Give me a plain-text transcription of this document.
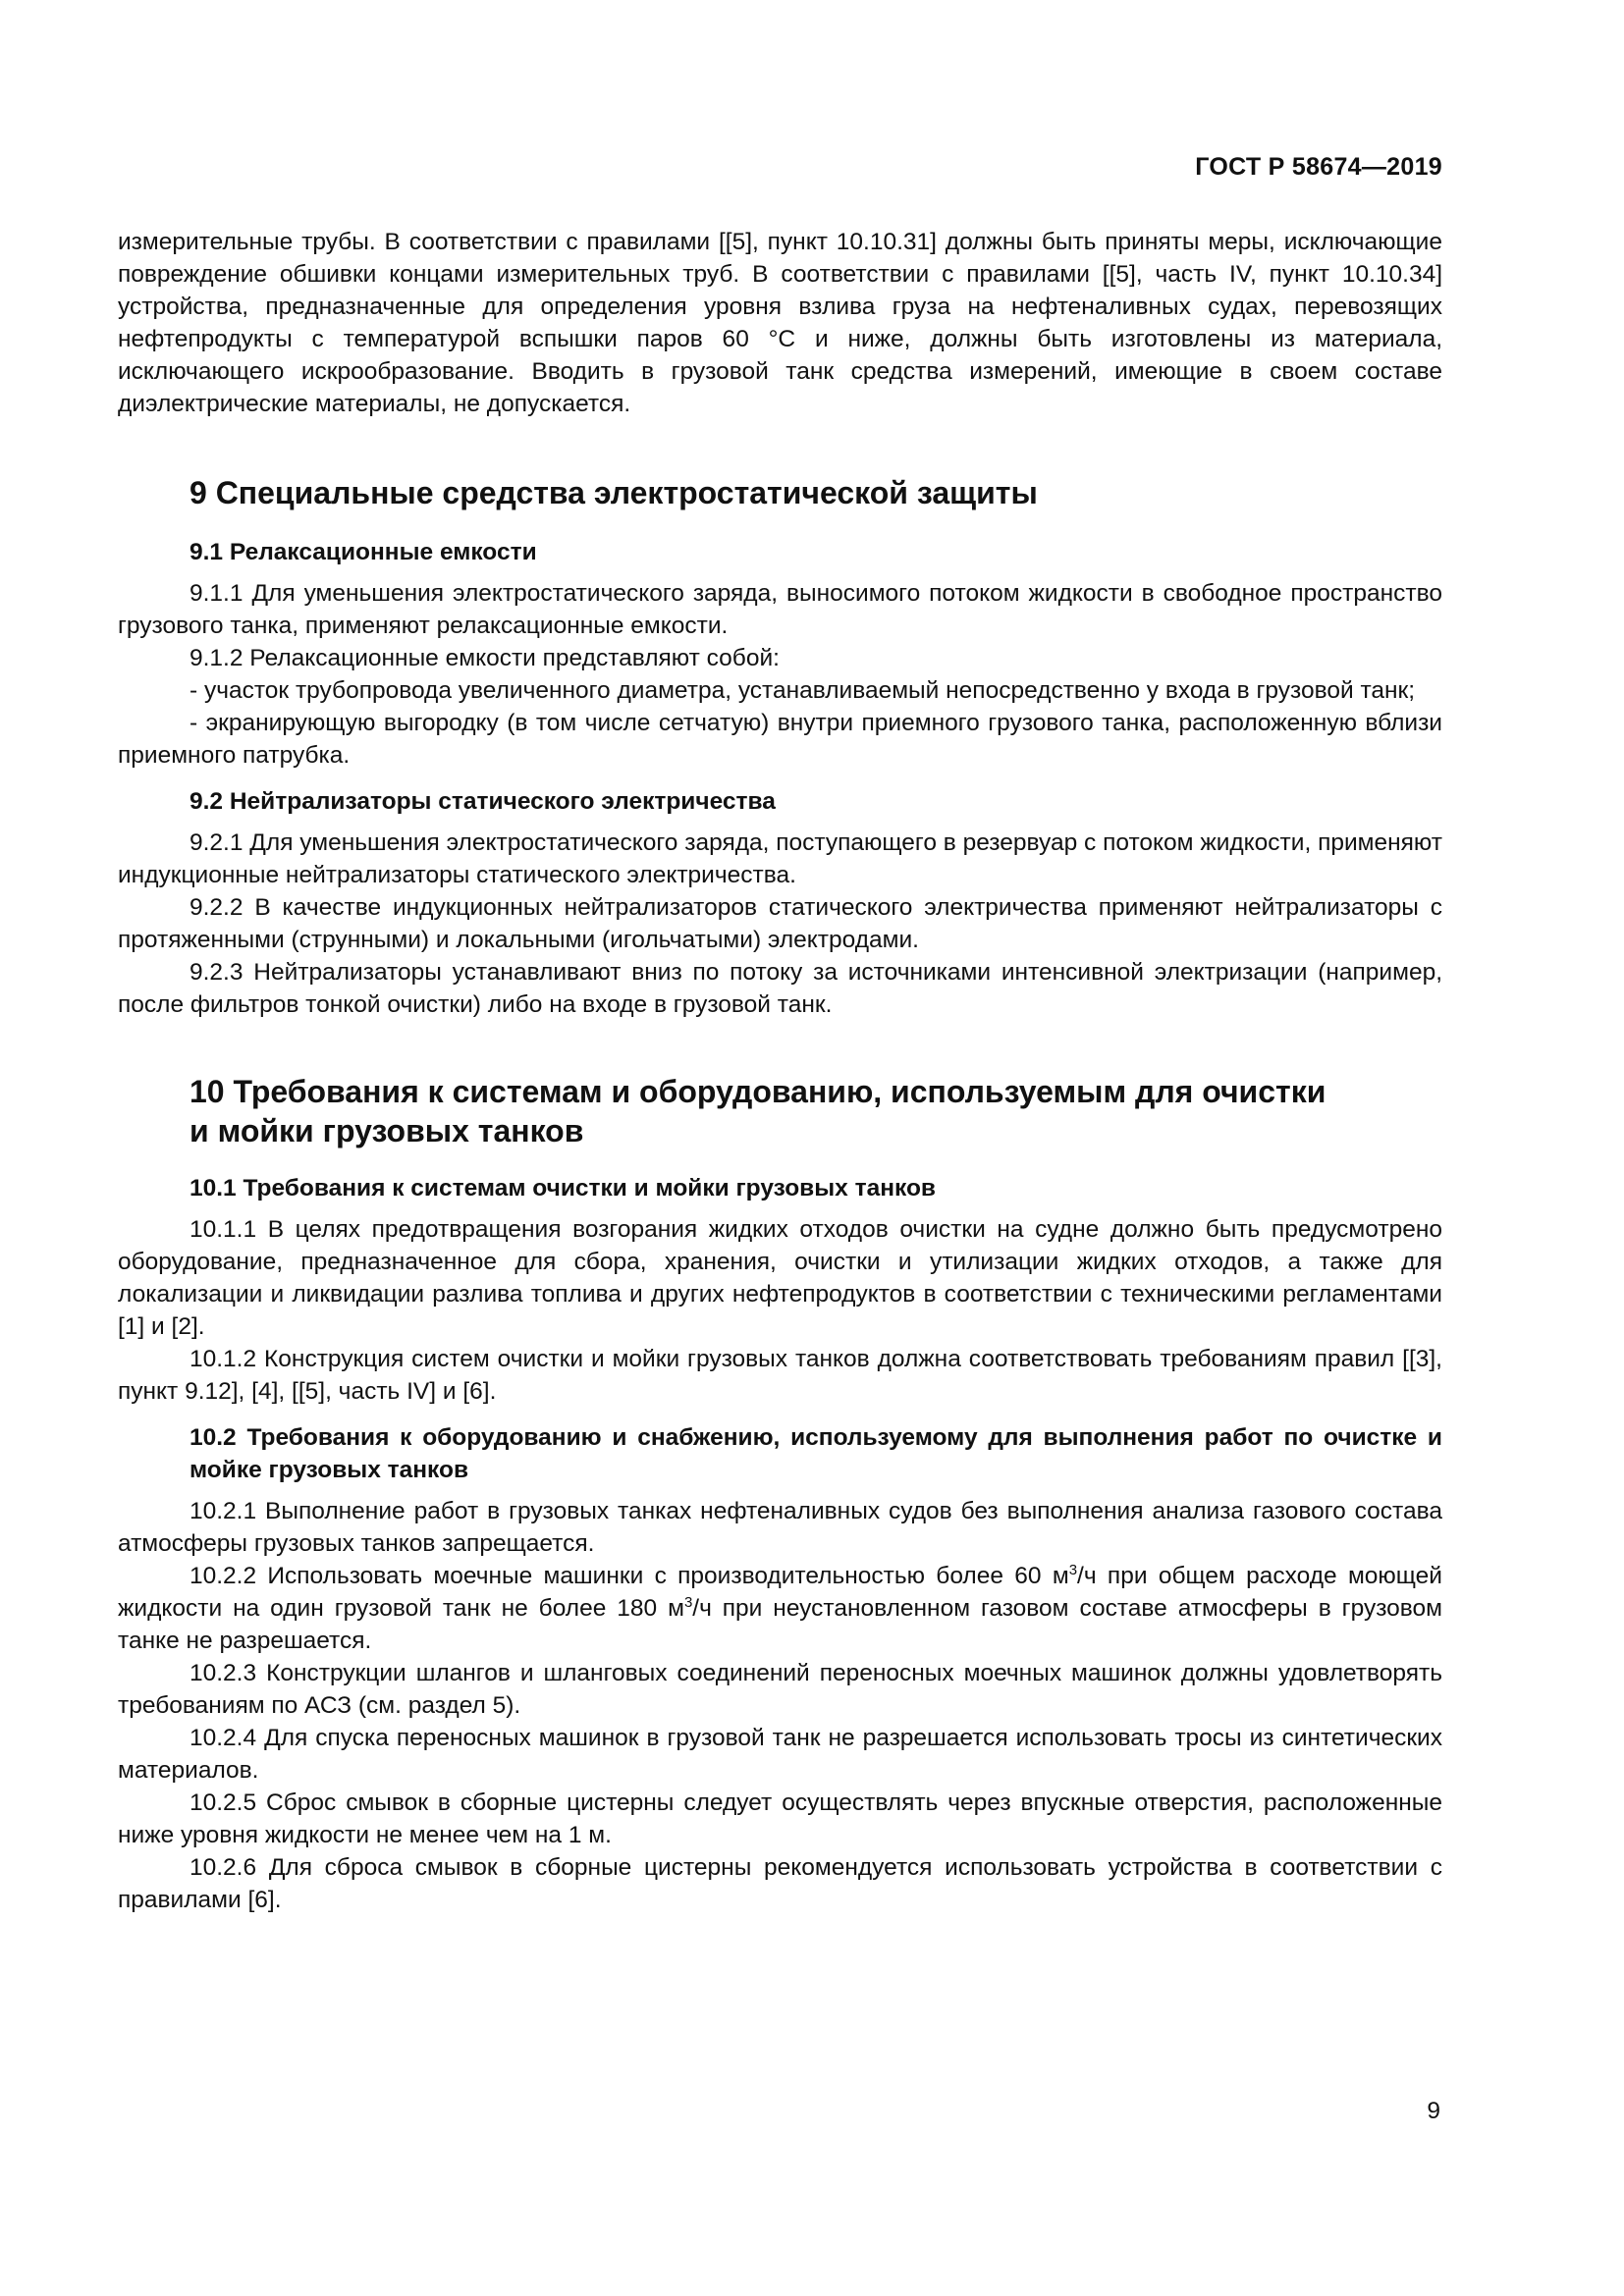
ГОСТ Р 58674—2019

измерительные трубы. В соответствии с правилами [[5], пункт 10.10.31] должны быть приняты меры, исключающие повреждение обшивки концами измерительных труб. В соответствии с правилами [[5], часть IV, пункт 10.10.34] устройства, предназначенные для определения уровня взлива груза на нефтеналивных судах, перевозящих нефтепродукты с температурой вспышки паров 60 °С и ниже, должны быть изготовлены из материала, исключающего искрообразование. Вводить в грузовой танк средства измерений, имеющие в своем составе диэлектрические материалы, не допускается.

9 Специальные средства электростатической защиты

9.1 Релаксационные емкости

9.1.1 Для уменьшения электростатического заряда, выносимого потоком жидкости в свободное пространство грузового танка, применяют релаксационные емкости.

9.1.2 Релаксационные емкости представляют собой:

- участок трубопровода увеличенного диаметра, устанавливаемый непосредственно у входа в грузовой танк;

- экранирующую выгородку (в том числе сетчатую) внутри приемного грузового танка, расположенную вблизи приемного патрубка.

9.2 Нейтрализаторы статического электричества

9.2.1 Для уменьшения электростатического заряда, поступающего в резервуар с потоком жидкости, применяют индукционные нейтрализаторы статического электричества.

9.2.2 В качестве индукционных нейтрализаторов статического электричества применяют нейтрализаторы с протяженными (струнными) и локальными (игольчатыми) электродами.

9.2.3 Нейтрализаторы устанавливают вниз по потоку за источниками интенсивной электризации (например, после фильтров тонкой очистки) либо на входе в грузовой танк.

10 Требования к системам и оборудованию, используемым для очистки

и мойки грузовых танков

10.1 Требования к системам очистки и мойки грузовых танков

10.1.1 В целях предотвращения возгорания жидких отходов очистки на судне должно быть предусмотрено оборудование, предназначенное для сбора, хранения, очистки и утилизации жидких отходов, а также для локализации и ликвидации разлива топлива и других нефтепродуктов в соответствии с техническими регламентами [1] и [2].

10.1.2 Конструкция систем очистки и мойки грузовых танков должна соответствовать требованиям правил [[3], пункт 9.12], [4], [[5], часть IV] и [6].

10.2 Требования к оборудованию и снабжению, используемому для выполнения работ по очистке и мойке грузовых танков

10.2.1 Выполнение работ в грузовых танках нефтеналивных судов без выполнения анализа газового состава атмосферы грузовых танков запрещается.

10.2.2 Использовать моечные машинки с производительностью более 60 $м^3/ч$ при общем расходе моющей жидкости на один грузовой танк не более 180 $м^3/ч$ при неустановленном газовом составе атмосферы в грузовом танке не разрешается.

10.2.3 Конструкции шлангов и шланговых соединений переносных моечных машинок должны удовлетворять требованиям по АСЗ (см. раздел 5).

10.2.4 Для спуска переносных машинок в грузовой танк не разрешается использовать тросы из синтетических материалов.

10.2.5 Сброс смывок в сборные цистерны следует осуществлять через впускные отверстия, расположенные ниже уровня жидкости не менее чем на 1 м.

10.2.6 Для сброса смывок в сборные цистерны рекомендуется использовать устройства в соответствии с правилами [6].

9
